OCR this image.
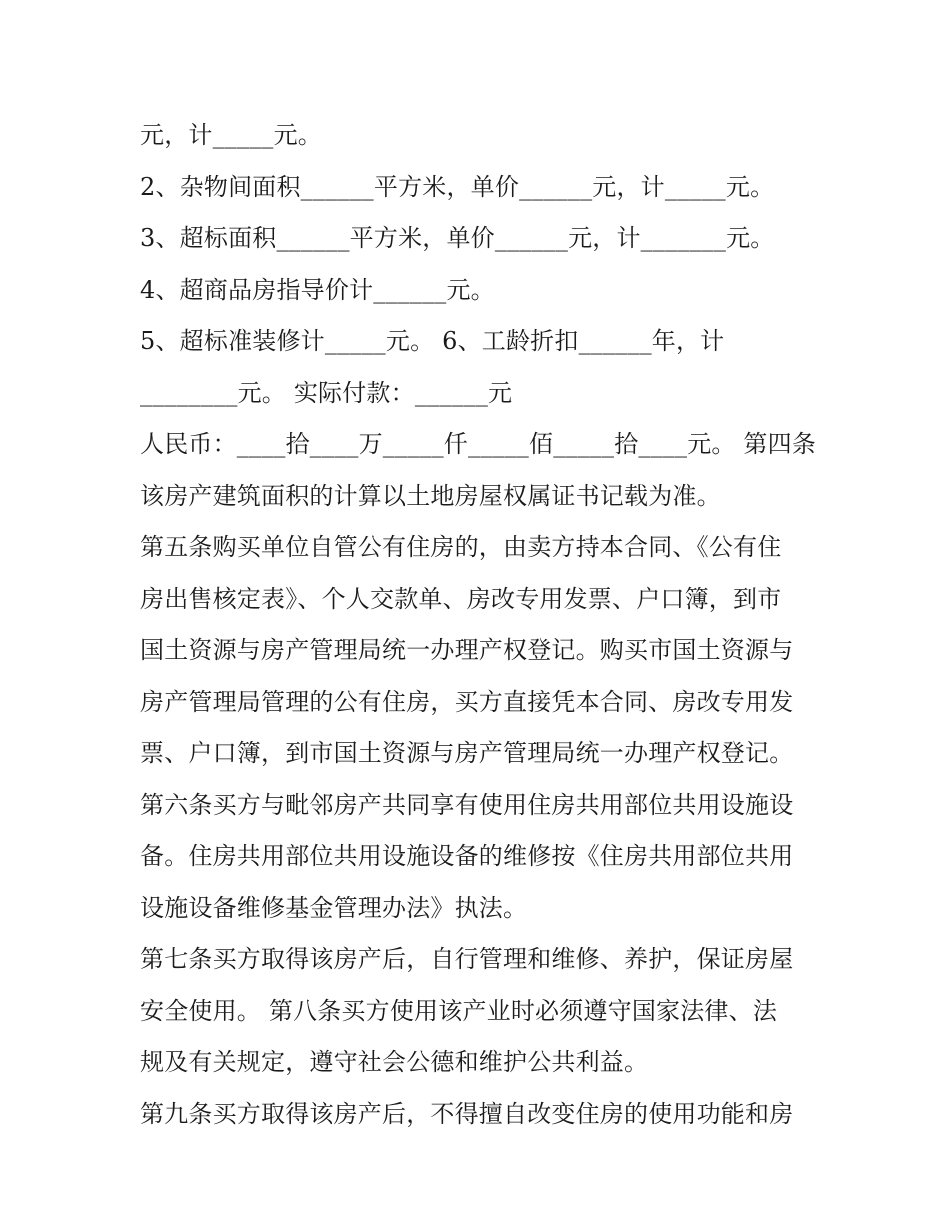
元，计_____元。
2、杂物间面积______平方米，单价______元，计_____元。
3、超标面积______平方米，单价______元，计_______元。
4、超商品房指导价计______元。
5、超标准装修计_____元。 6、工龄折扣______年，计
________元。 实际付款：______元
人民币：____拾____万_____仟_____佰_____拾____元。 第四条
该房产建筑面积的计算以土地房屋权属证书记载为准。
第五条购买单位自管公有住房的，由卖方持本合同、《公有住
房出售核定表》、个人交款单、房改专用发票、户口簿，到市
国土资源与房产管理局统一办理产权登记。购买市国土资源与
房产管理局管理的公有住房，买方直接凭本合同、房改专用发
票、户口簿，到市国土资源与房产管理局统一办理产权登记。
第六条买方与毗邻房产共同享有使用住房共用部位共用设施设
备。住房共用部位共用设施设备的维修按《住房共用部位共用
设施设备维修基金管理办法》执法。
第七条买方取得该房产后，自行管理和维修、养护，保证房屋
安全使用。 第八条买方使用该产业时必须遵守国家法律、法
规及有关规定，遵守社会公德和维护公共利益。
第九条买方取得该房产后，不得擅自改变住房的使用功能和房
